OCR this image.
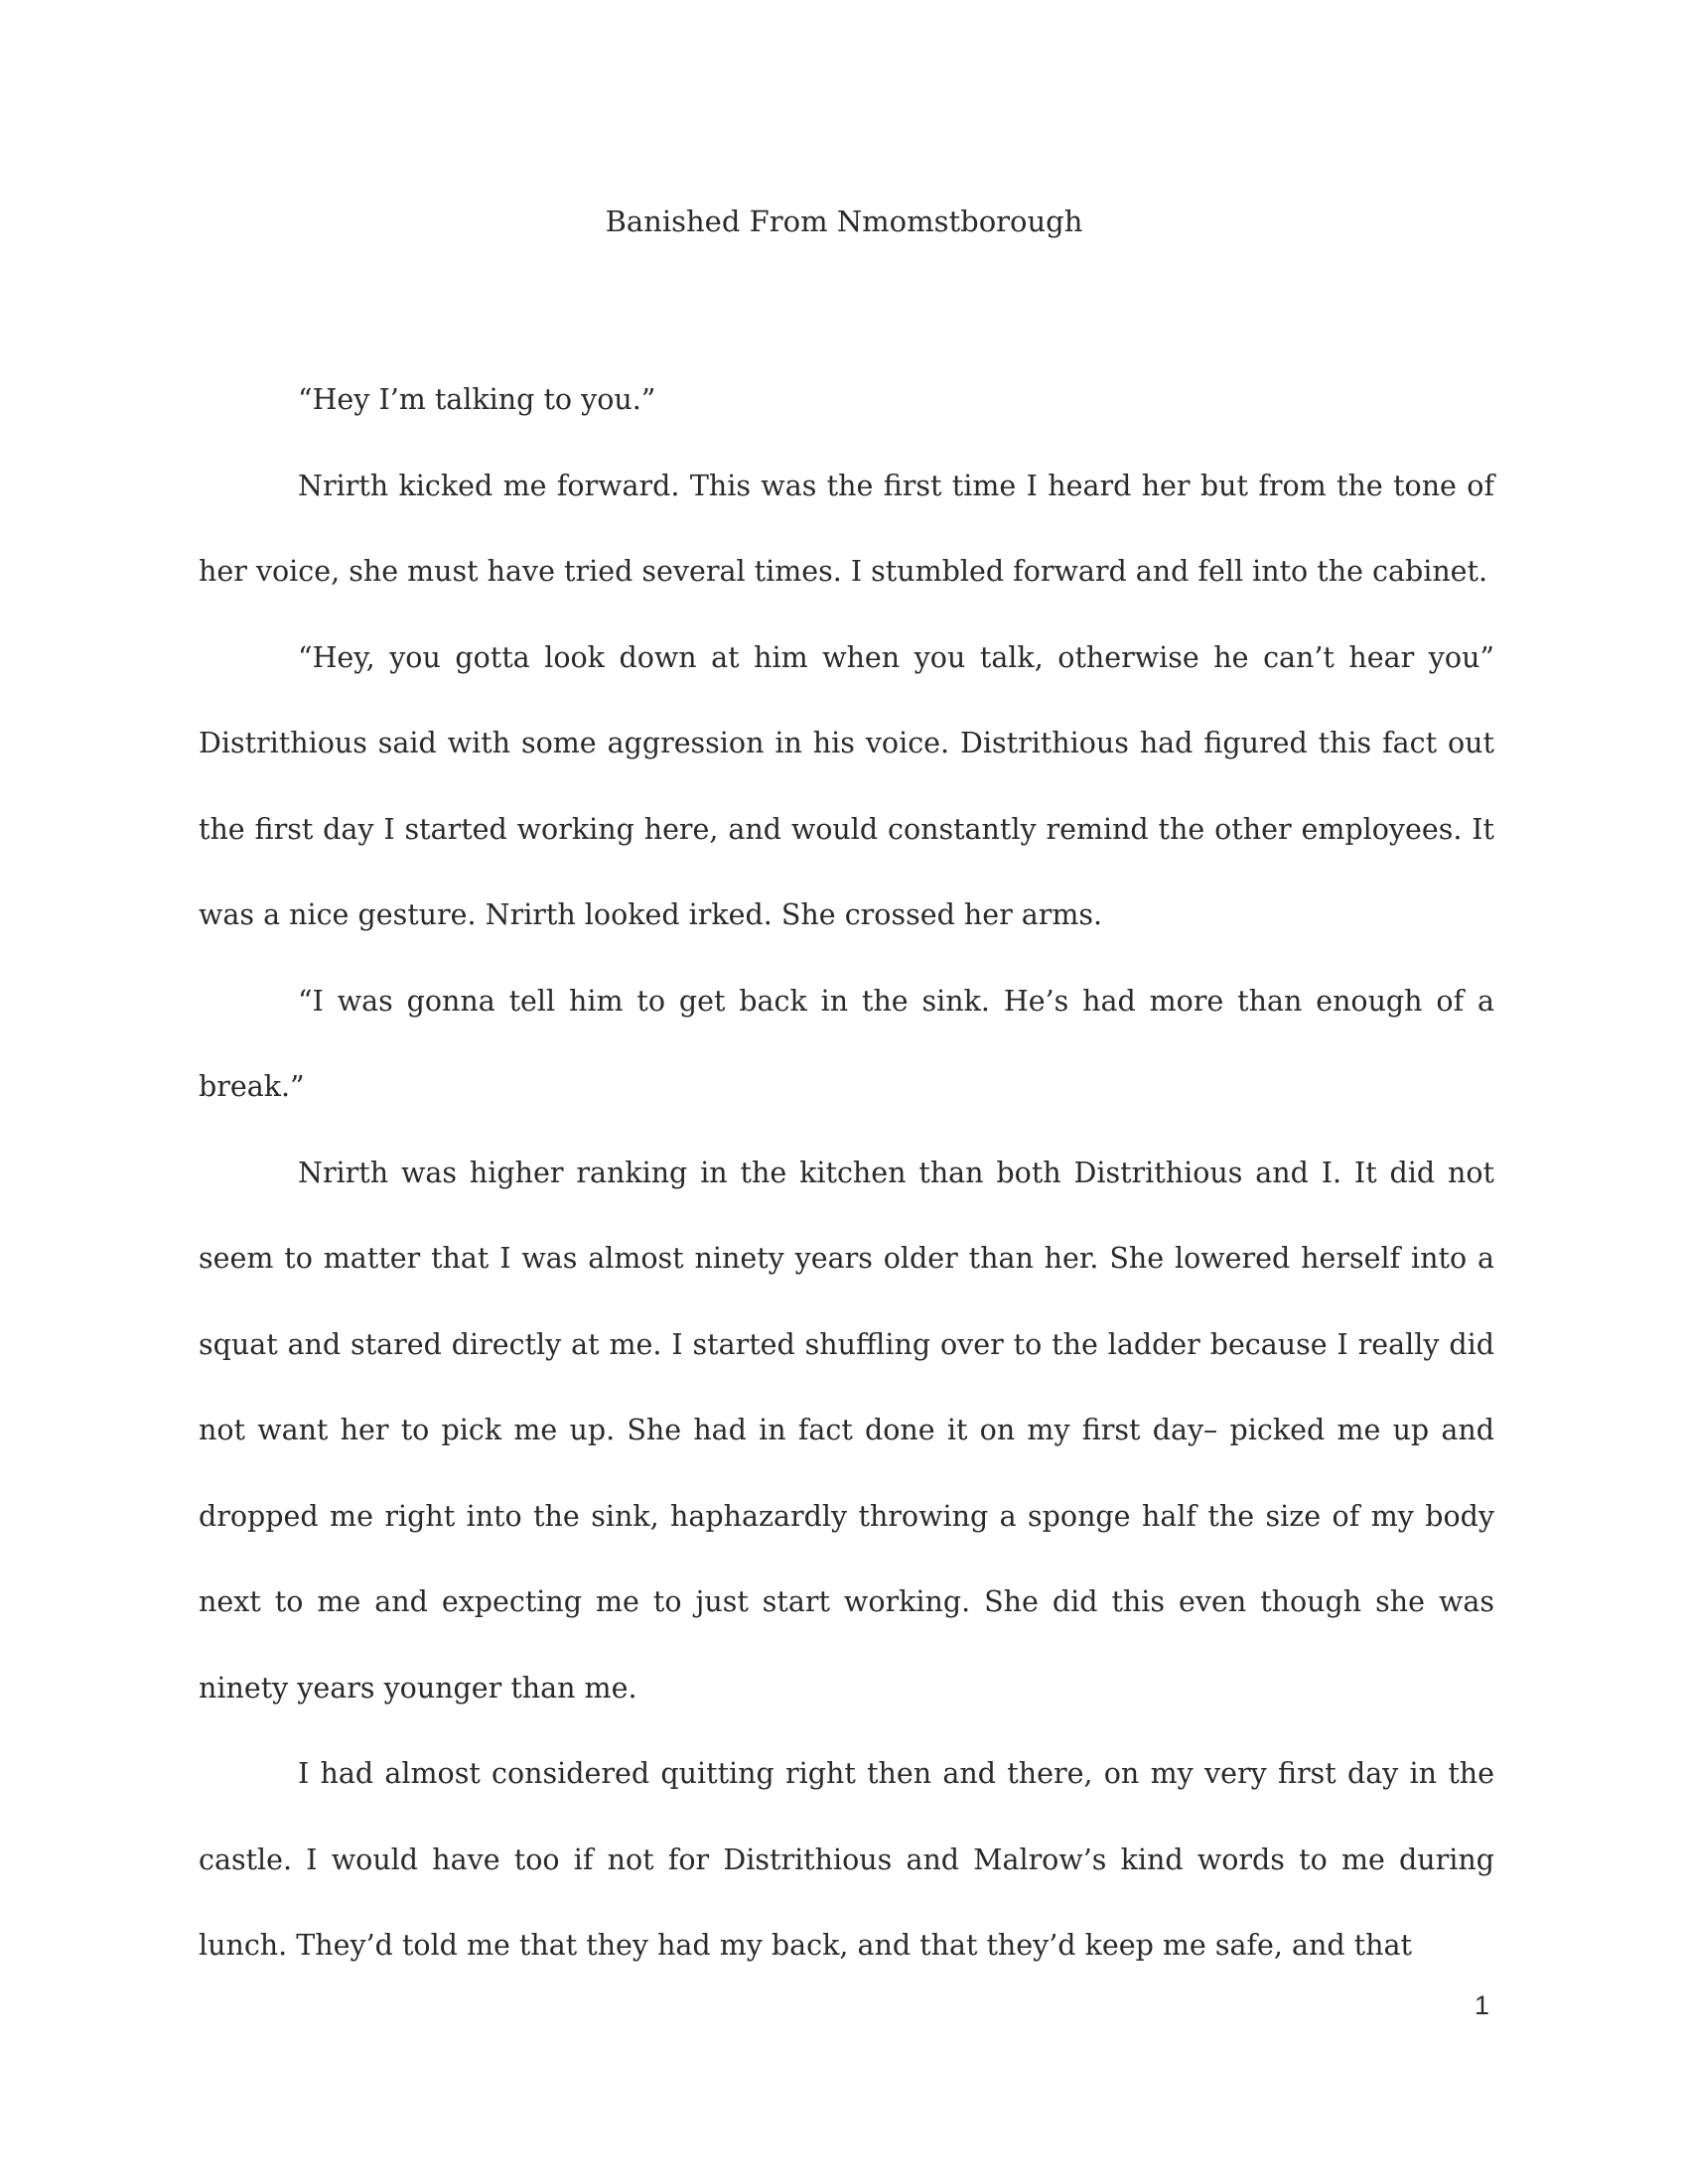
Banished From Nmomstborough

“Hey I’m talking to you.”

Nrirth kicked me forward. This was the first time I heard her but from the tone of her voice, she must have tried several times. I stumbled forward and fell into the cabinet.

“Hey, you gotta look down at him when you talk, otherwise he can’t hear you” Distrithious said with some aggression in his voice. Distrithious had figured this fact out the first day I started working here, and would constantly remind the other employees. It was a nice gesture. Nrirth looked irked. She crossed her arms.

“I was gonna tell him to get back in the sink. He’s had more than enough of a break.”

Nrirth was higher ranking in the kitchen than both Distrithious and I. It did not seem to matter that I was almost ninety years older than her. She lowered herself into a squat and stared directly at me. I started shuffling over to the ladder because I really did not want her to pick me up. She had in fact done it on my first day– picked me up and dropped me right into the sink, haphazardly throwing a sponge half the size of my body next to me and expecting me to just start working. She did this even though she was ninety years younger than me.

I had almost considered quitting right then and there, on my very first day in the castle. I would have too if not for Distrithious and Malrow’s kind words to me during lunch. They’d told me that they had my back, and that they’d keep me safe, and that

1
